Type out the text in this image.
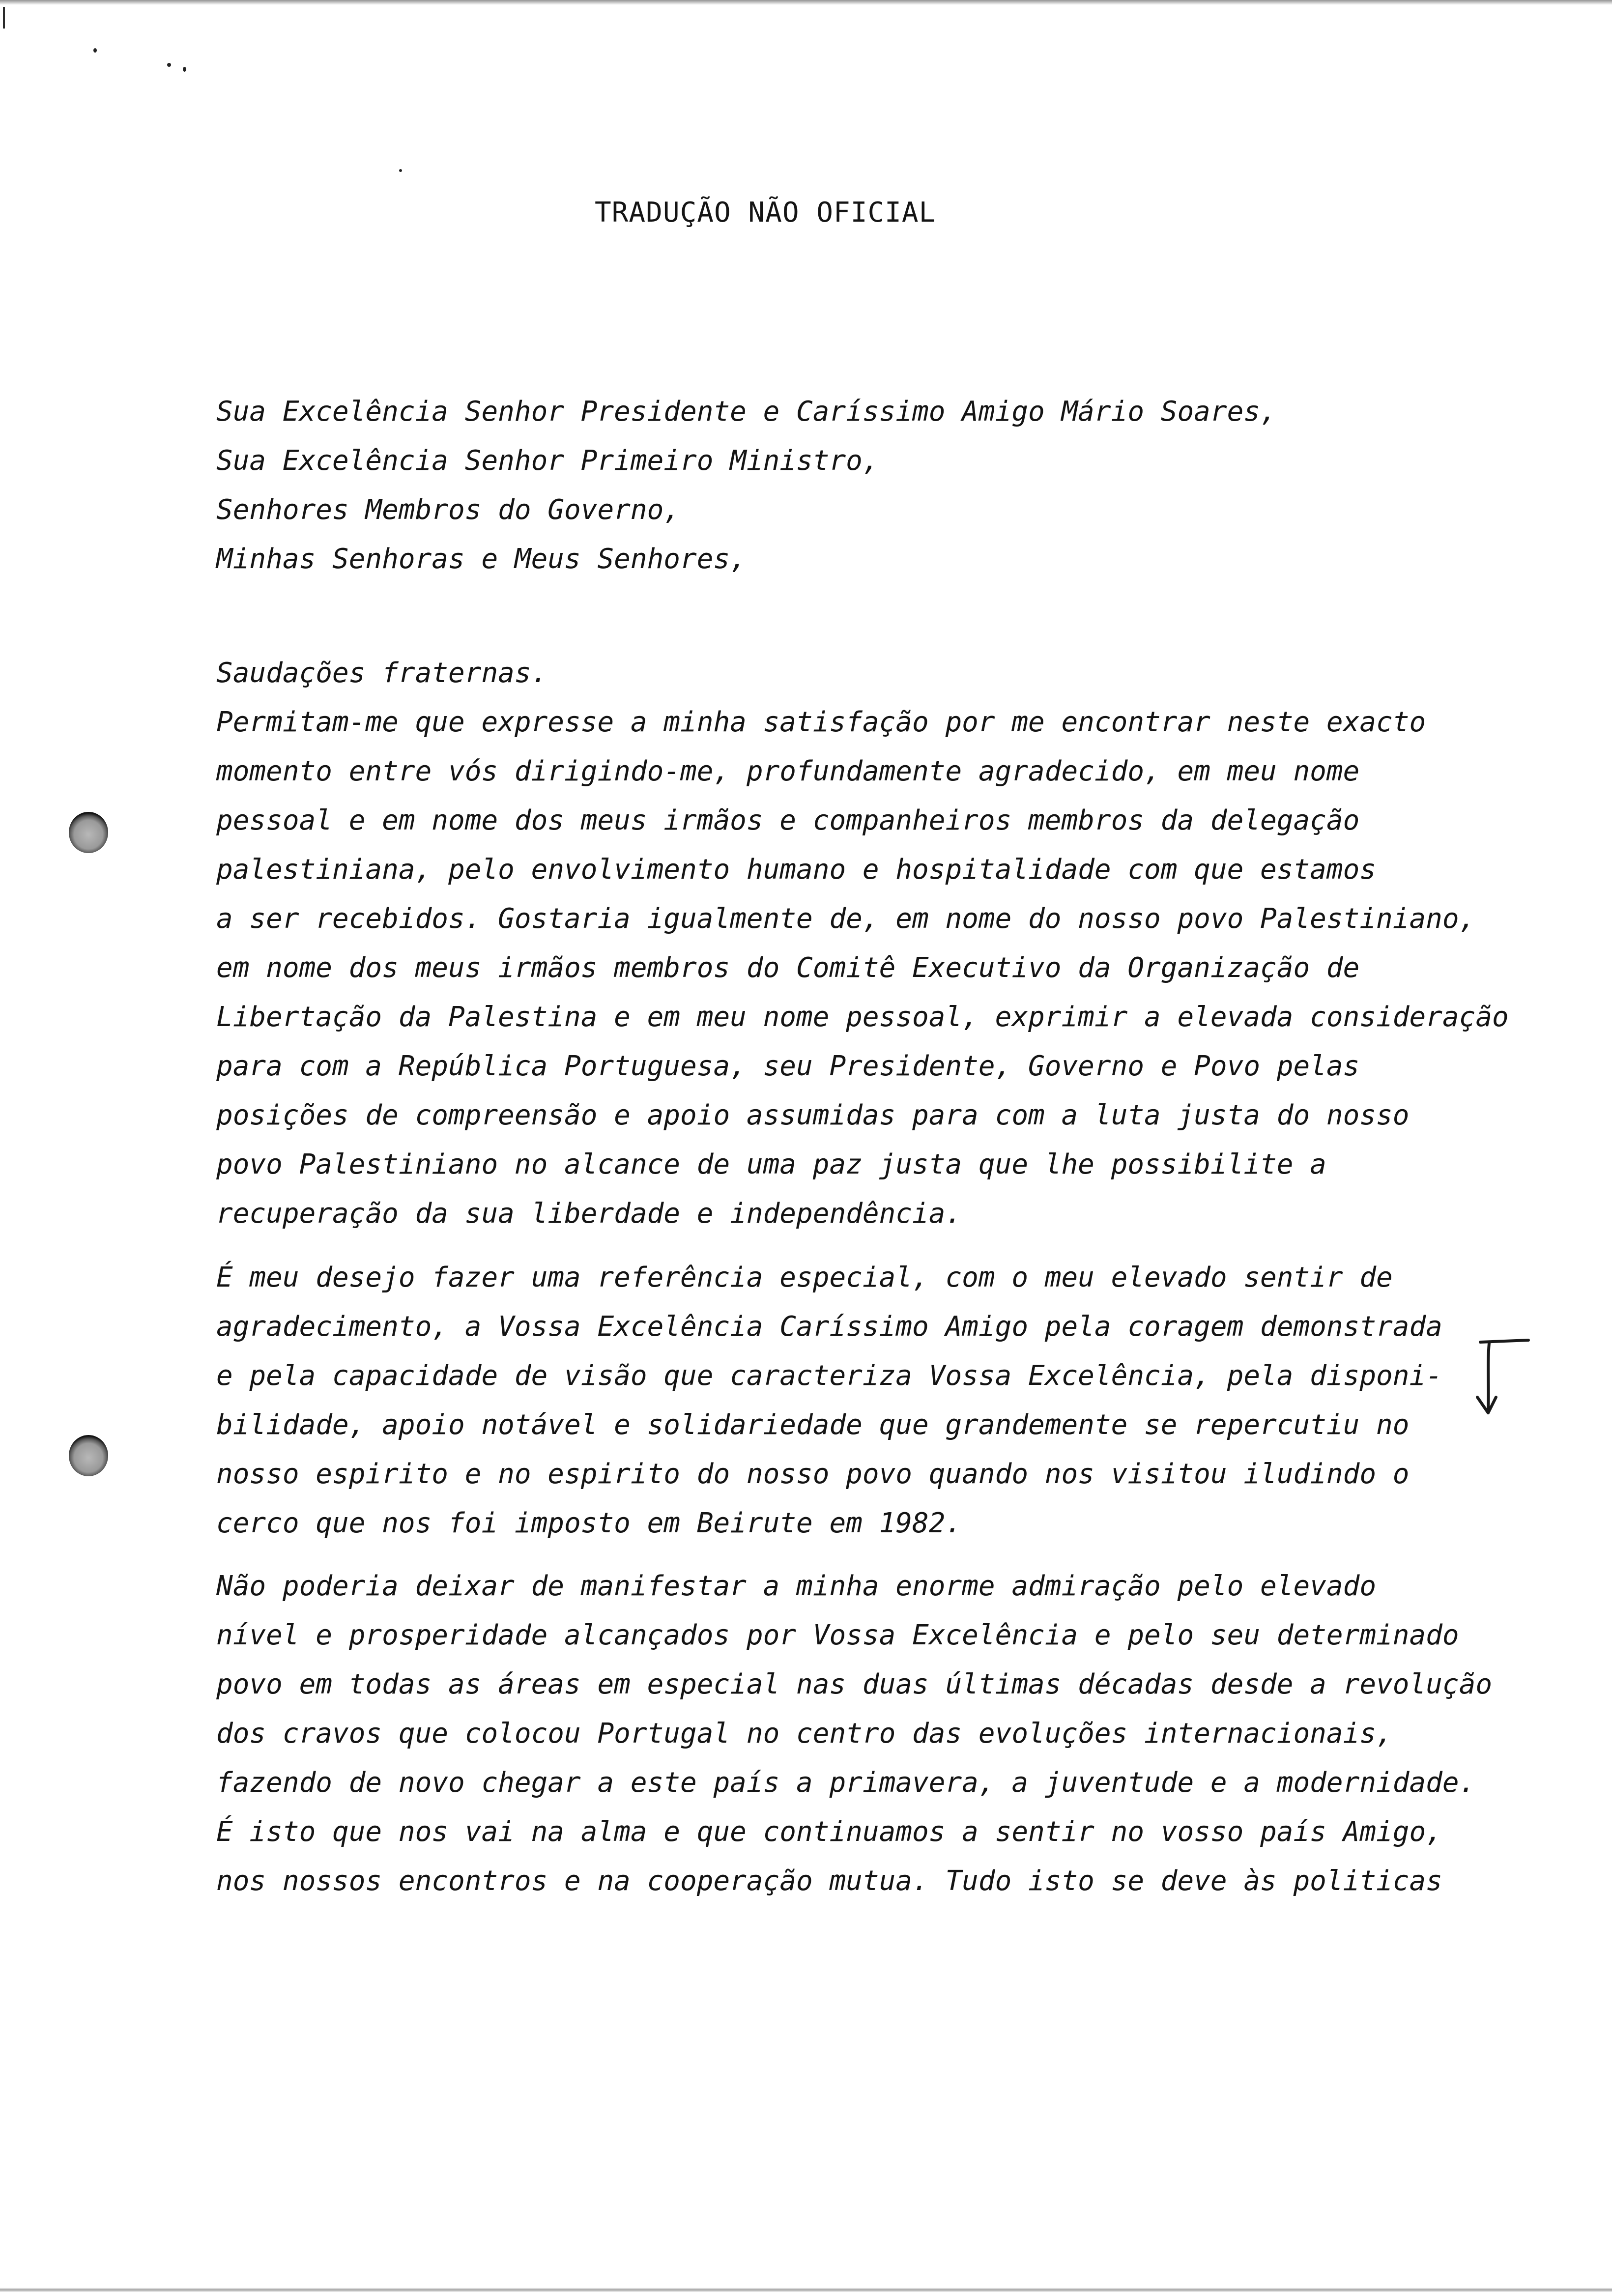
TRADUÇÃO NÃO OFICIAL
Sua Excelência Senhor Presidente e Caríssimo Amigo Mário Soares,
Sua Excelência Senhor Primeiro Ministro,
Senhores Membros do Governo,
Minhas Senhoras e Meus Senhores,
Saudações fraternas.
Permitam-me que expresse a minha satisfação por me encontrar neste exacto
momento entre vós dirigindo-me, profundamente agradecido, em meu nome
pessoal e em nome dos meus irmãos e companheiros membros da delegação
palestiniana, pelo envolvimento humano e hospitalidade com que estamos
a ser recebidos. Gostaria igualmente de, em nome do nosso povo Palestiniano,
em nome dos meus irmãos membros do Comitê Executivo da Organização de
Libertação da Palestina e em meu nome pessoal, exprimir a elevada consideração
para com a República Portuguesa, seu Presidente, Governo e Povo pelas
posições de compreensão e apoio assumidas para com a luta justa do nosso
povo Palestiniano no alcance de uma paz justa que lhe possibilite a
recuperação da sua liberdade e independência.
É meu desejo fazer uma referência especial, com o meu elevado sentir de
agradecimento, a Vossa Excelência Caríssimo Amigo pela coragem demonstrada
e pela capacidade de visão que caracteriza Vossa Excelência, pela disponi-
bilidade, apoio notável e solidariedade que grandemente se repercutiu no
nosso espirito e no espirito do nosso povo quando nos visitou iludindo o
cerco que nos foi imposto em Beirute em 1982.
Não poderia deixar de manifestar a minha enorme admiração pelo elevado
nível e prosperidade alcançados por Vossa Excelência e pelo seu determinado
povo em todas as áreas em especial nas duas últimas décadas desde a revolução
dos cravos que colocou Portugal no centro das evoluções internacionais,
fazendo de novo chegar a este país a primavera, a juventude e a modernidade.
É isto que nos vai na alma e que continuamos a sentir no vosso país Amigo,
nos nossos encontros e na cooperação mutua. Tudo isto se deve às politicas
